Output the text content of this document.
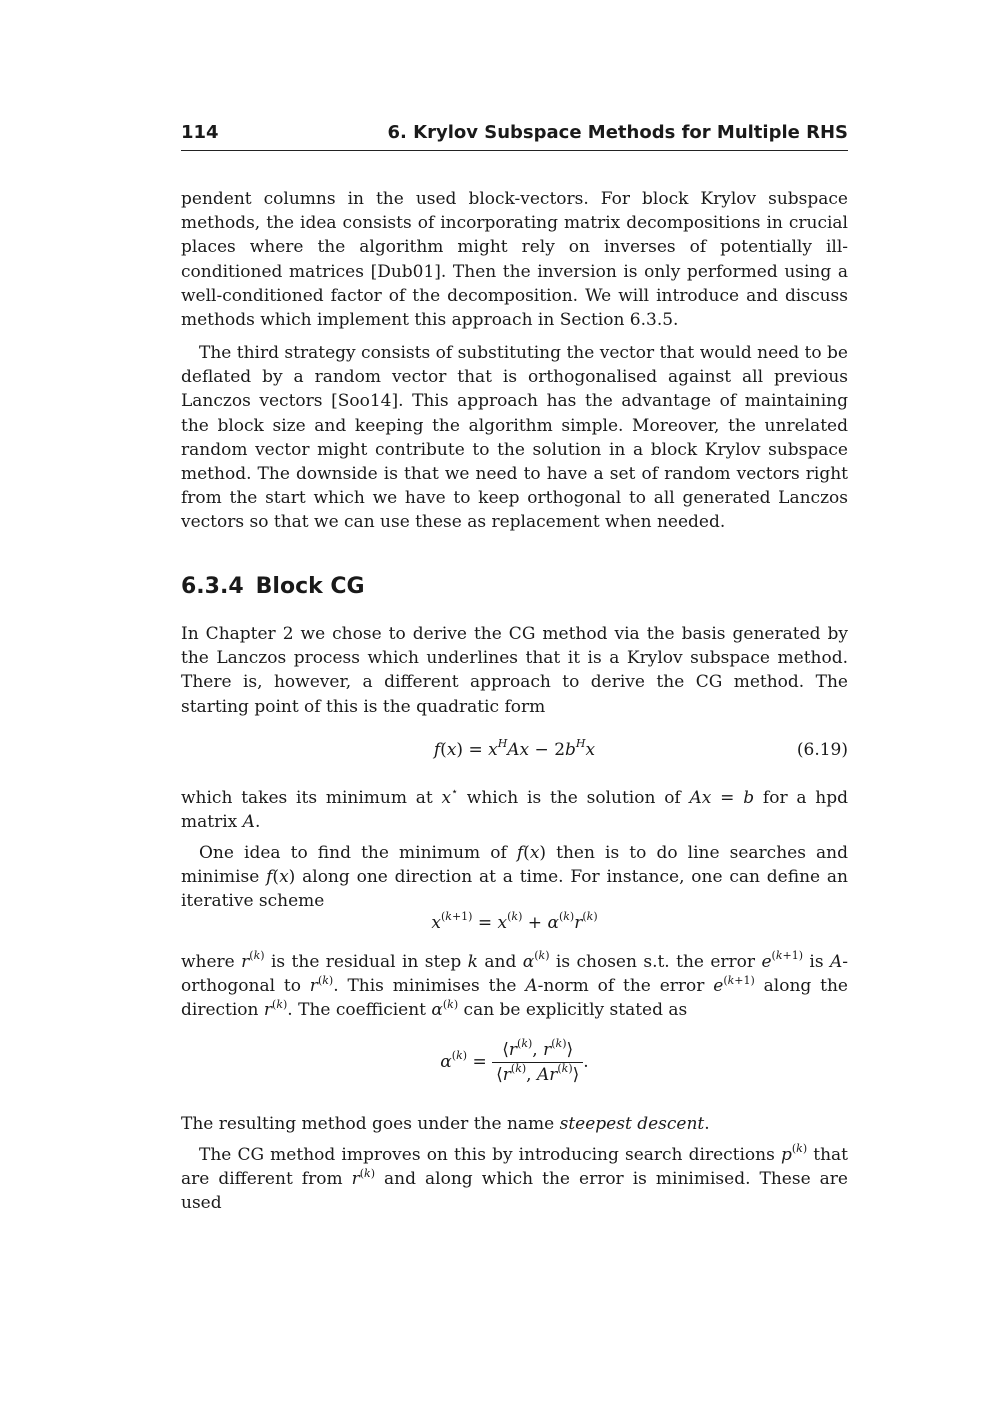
114	6. Krylov Subspace Methods for Multiple RHS

pendent columns in the used block-vectors. For block Krylov subspace methods, the idea consists of incorporating matrix decompositions in crucial places where the algorithm might rely on inverses of potentially ill-conditioned matrices [Dub01]. Then the inversion is only performed using a well-conditioned factor of the decomposition. We will introduce and discuss methods which implement this approach in Section 6.3.5.

The third strategy consists of substituting the vector that would need to be deflated by a random vector that is orthogonalised against all previous Lanczos vectors [Soo14]. This approach has the advantage of maintaining the block size and keeping the algorithm simple. Moreover, the unrelated random vector might contribute to the solution in a block Krylov subspace method. The downside is that we need to have a set of random vectors right from the start which we have to keep orthogonal to all generated Lanczos vectors so that we can use these as replacement when needed.

6.3.4 Block CG

In Chapter 2 we chose to derive the CG method via the basis generated by the Lanczos process which underlines that it is a Krylov subspace method. There is, however, a different approach to derive the CG method. The starting point of this is the quadratic form

$f(x) = x^HAx - 2b^Hx$	(6.19)

which takes its minimum at x⋆ which is the solution of Ax = b for a hpd matrix A.

One idea to find the minimum of f(x) then is to do line searches and minimise f(x) along one direction at a time. For instance, one can define an iterative scheme

$x^{(k+1)} = x^{(k)} + \alpha^{(k)}r^{(k)}$

where $r^{(k)}$ is the residual in step k and $\alpha^{(k)}$ is chosen s.t. the error $e^{(k+1)}$ is A-orthogonal to $r^{(k)}$. This minimises the A-norm of the error $e^{(k+1)}$ along the direction $r^{(k)}$. The coefficient $\alpha^{(k)}$ can be explicitly stated as

$\alpha^{(k)} = \frac{⟨r^{(k)}, r^{(k)}⟩}{⟨r^{(k)}, Ar^{(k)}⟩}$ .

The resulting method goes under the name steepest descent.

The CG method improves on this by introducing search directions $p^{(k)}$ that are different from $r^{(k)}$ and along which the error is minimised. These are used
